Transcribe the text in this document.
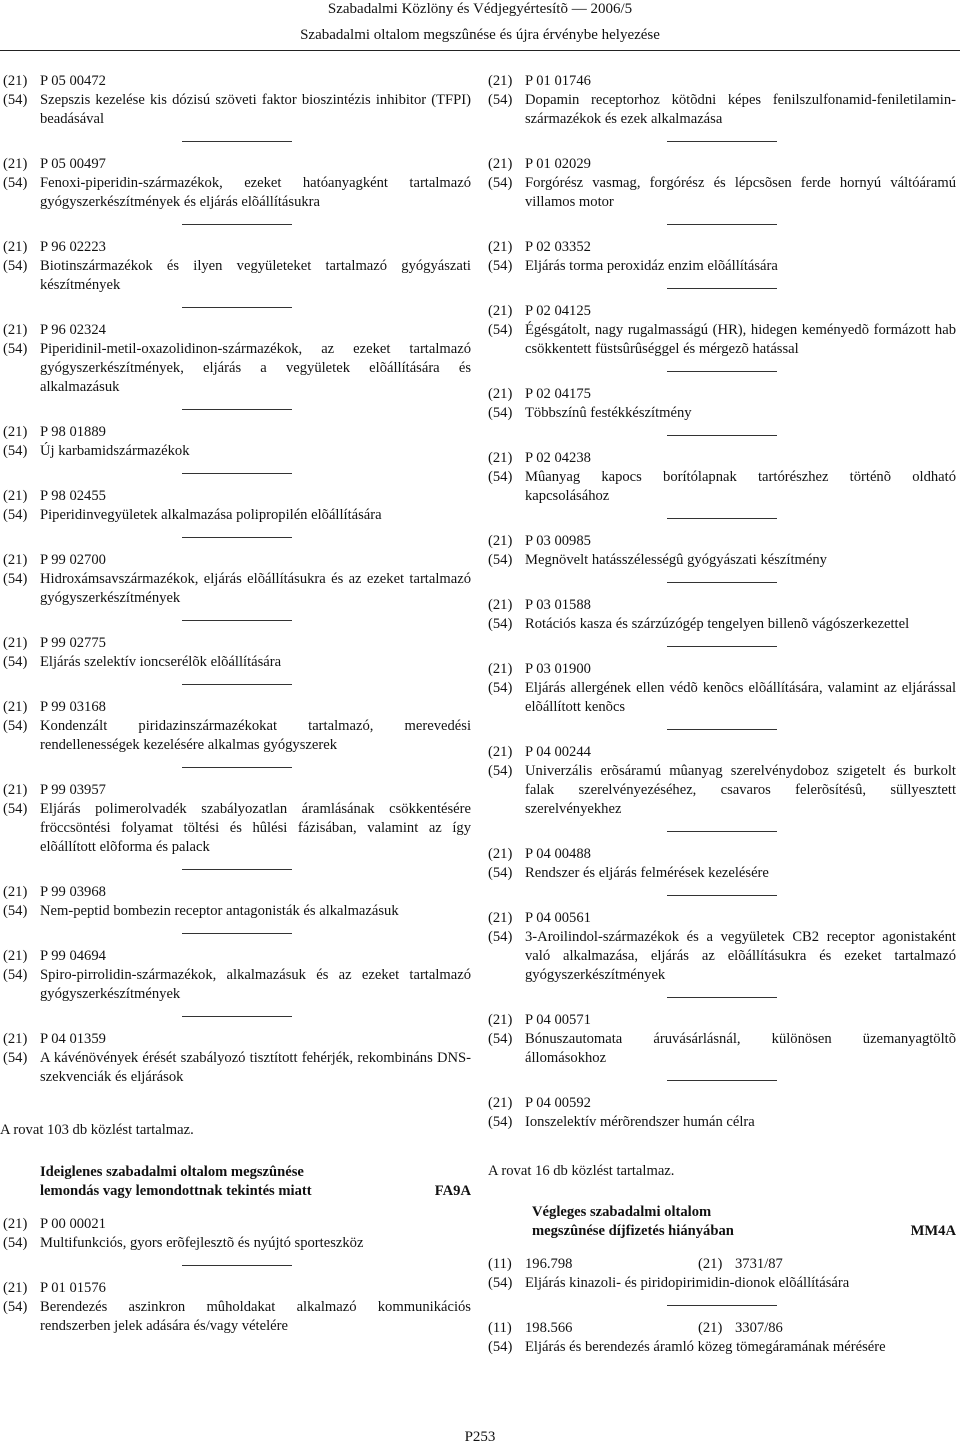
Szabadalmi Közlöny és Védjegyértesítõ — 2006/5
Szabadalmi oltalom megszûnése és újra érvénybe helyezése
(21) P 05 00472
(54) Szepszis kezelése kis dózisú szöveti faktor bioszintézis inhibitor (TFPI) beadásával
(21) P 05 00497
(54) Fenoxi-piperidin-származékok, ezeket hatóanyagként tartalmazó gyógyszerkészítmények és eljárás elõállításukra
(21) P 96 02223
(54) Biotinszármazékok és ilyen vegyületeket tartalmazó gyógyászati készítmények
(21) P 96 02324
(54) Piperidinil-metil-oxazolidinon-származékok, az ezeket tartalmazó gyógyszerkészítmények, eljárás a vegyületek elõállítására és alkalmazásuk
(21) P 98 01889
(54) Új karbamidszármazékok
(21) P 98 02455
(54) Piperidinvegyületek alkalmazása polipropilén elõállítására
(21) P 99 02700
(54) Hidroxámsavszármazékok, eljárás elõállításukra és az ezeket tartalmazó gyógyszerkészítmények
(21) P 99 02775
(54) Eljárás szelektív ioncserélõk elõállítására
(21) P 99 03168
(54) Kondenzált piridazinszármazékokat tartalmazó, merevedési rendellenességek kezelésére alkalmas gyógyszerek
(21) P 99 03957
(54) Eljárás polimerolvadék szabályozatlan áramlásának csökkentésére fröccsöntési folyamat töltési és hûlési fázisában, valamint az így elõállított elõforma és palack
(21) P 99 03968
(54) Nem-peptid bombezin receptor antagonisták és alkalmazásuk
(21) P 99 04694
(54) Spiro-pirrolidin-származékok, alkalmazásuk és az ezeket tartalmazó gyógyszerkészítmények
(21) P 04 01359
(54) A kávénövények érését szabályozó tisztított fehérjék, rekombináns DNS-szekvenciák és eljárások
A rovat 103 db közlést tartalmaz.
Ideiglenes szabadalmi oltalom megszûnése
lemondás vagy lemondottnak tekintés miatt	FA9A
(21) P 00 00021
(54) Multifunkciós, gyors erõfejlesztõ és nyújtó sporteszköz
(21) P 01 01576
(54) Berendezés aszinkron mûholdakat alkalmazó kommunikációs rendszerben jelek adására és/vagy vételére
(21) P 01 01746
(54) Dopamin receptorhoz kötõdni képes fenilszulfonamid-feniletilamin-származékok és ezek alkalmazása
(21) P 01 02029
(54) Forgórész vasmag, forgórész és lépcsõsen ferde hornyú váltóáramú villamos motor
(21) P 02 03352
(54) Eljárás torma peroxidáz enzim elõállítására
(21) P 02 04125
(54) Égésgátolt, nagy rugalmasságú (HR), hidegen keményedõ formázott hab csökkentett füstsûrûséggel és mérgezõ hatással
(21) P 02 04175
(54) Többszínû festékkészítmény
(21) P 02 04238
(54) Mûanyag kapocs borítólapnak tartórészhez történõ oldható kapcsolásához
(21) P 03 00985
(54) Megnövelt hatásszélességû gyógyászati készítmény
(21) P 03 01588
(54) Rotációs kasza és szárzúzógép tengelyen billenõ vágószerkezettel
(21) P 03 01900
(54) Eljárás allergének ellen védõ kenõcs elõállítására, valamint az eljárással elõállított kenõcs
(21) P 04 00244
(54) Univerzális erõsáramú mûanyag szerelvénydoboz szigetelt és burkolt falak szerelvényezéséhez, csavaros felerõsítésû, süllyesztett szerelvényekhez
(21) P 04 00488
(54) Rendszer és eljárás felmérések kezelésére
(21) P 04 00561
(54) 3-Aroilindol-származékok és a vegyületek CB2 receptor agonistaként való alkalmazása, eljárás az elõállításukra és ezeket tartalmazó gyógyszerkészítmények
(21) P 04 00571
(54) Bónuszautomata áruvásárlásnál, különösen üzemanyagtöltõ állomásokhoz
(21) P 04 00592
(54) Ionszelektív mérõrendszer humán célra
A rovat 16 db közlést tartalmaz.
Végleges szabadalmi oltalom
megszûnése díjfizetés hiányában	MM4A
(11) 196.798	(21) 3731/87
(54) Eljárás kinazoli- és piridopirimidin-dionok elõállítására
(11) 198.566	(21) 3307/86
(54) Eljárás és berendezés áramló közeg tömegáramának mérésére
P253
